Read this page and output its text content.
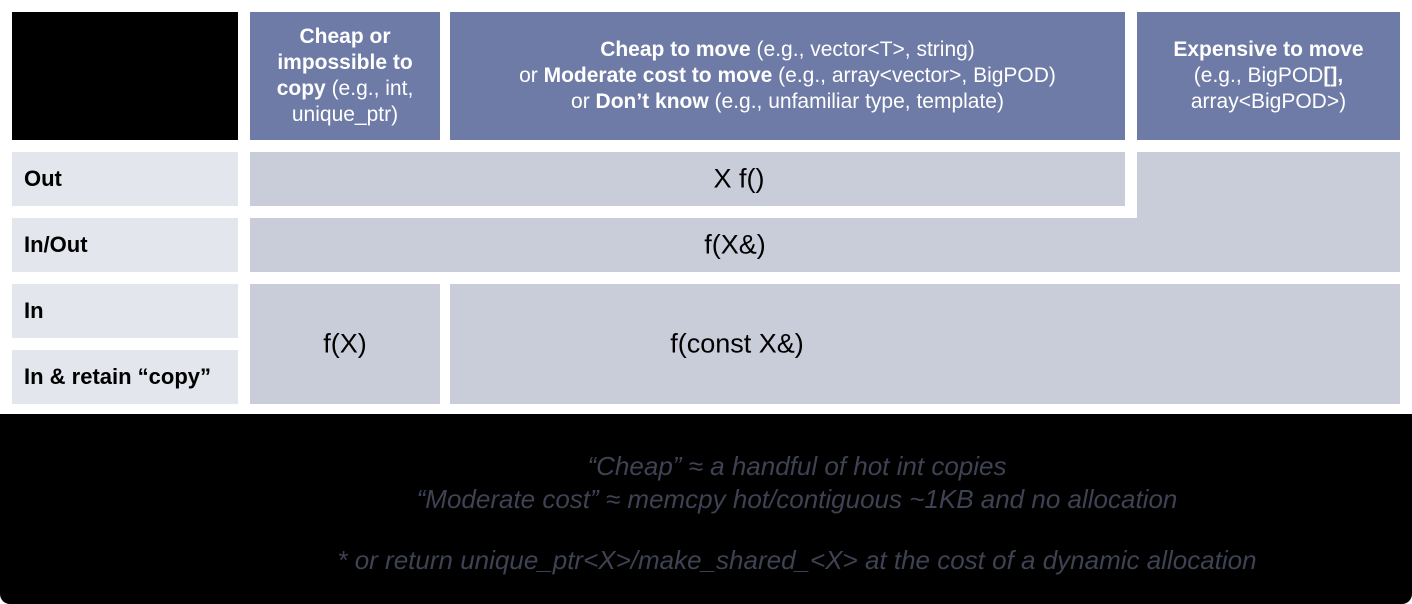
Cheap or
impossible to
copy (e.g., int,
unique_ptr)
Cheap to move (e.g., vector<T>, string)
or Moderate cost to move (e.g., array<vector>, BigPOD)
or Don’t know (e.g., unfamiliar type, template)
Expensive to move
(e.g., BigPOD[],
array<BigPOD>)
Out
In/Out
In
In & retain “copy”
X f()
f(X&)
f(X)	f(const X&)
“Cheap” ≈ a handful of hot int copies
“Moderate cost” ≈ memcpy hot/contiguous ~1KB and no allocation
* or return unique_ptr<X>/make_shared_<X> at the cost of a dynamic allocation
